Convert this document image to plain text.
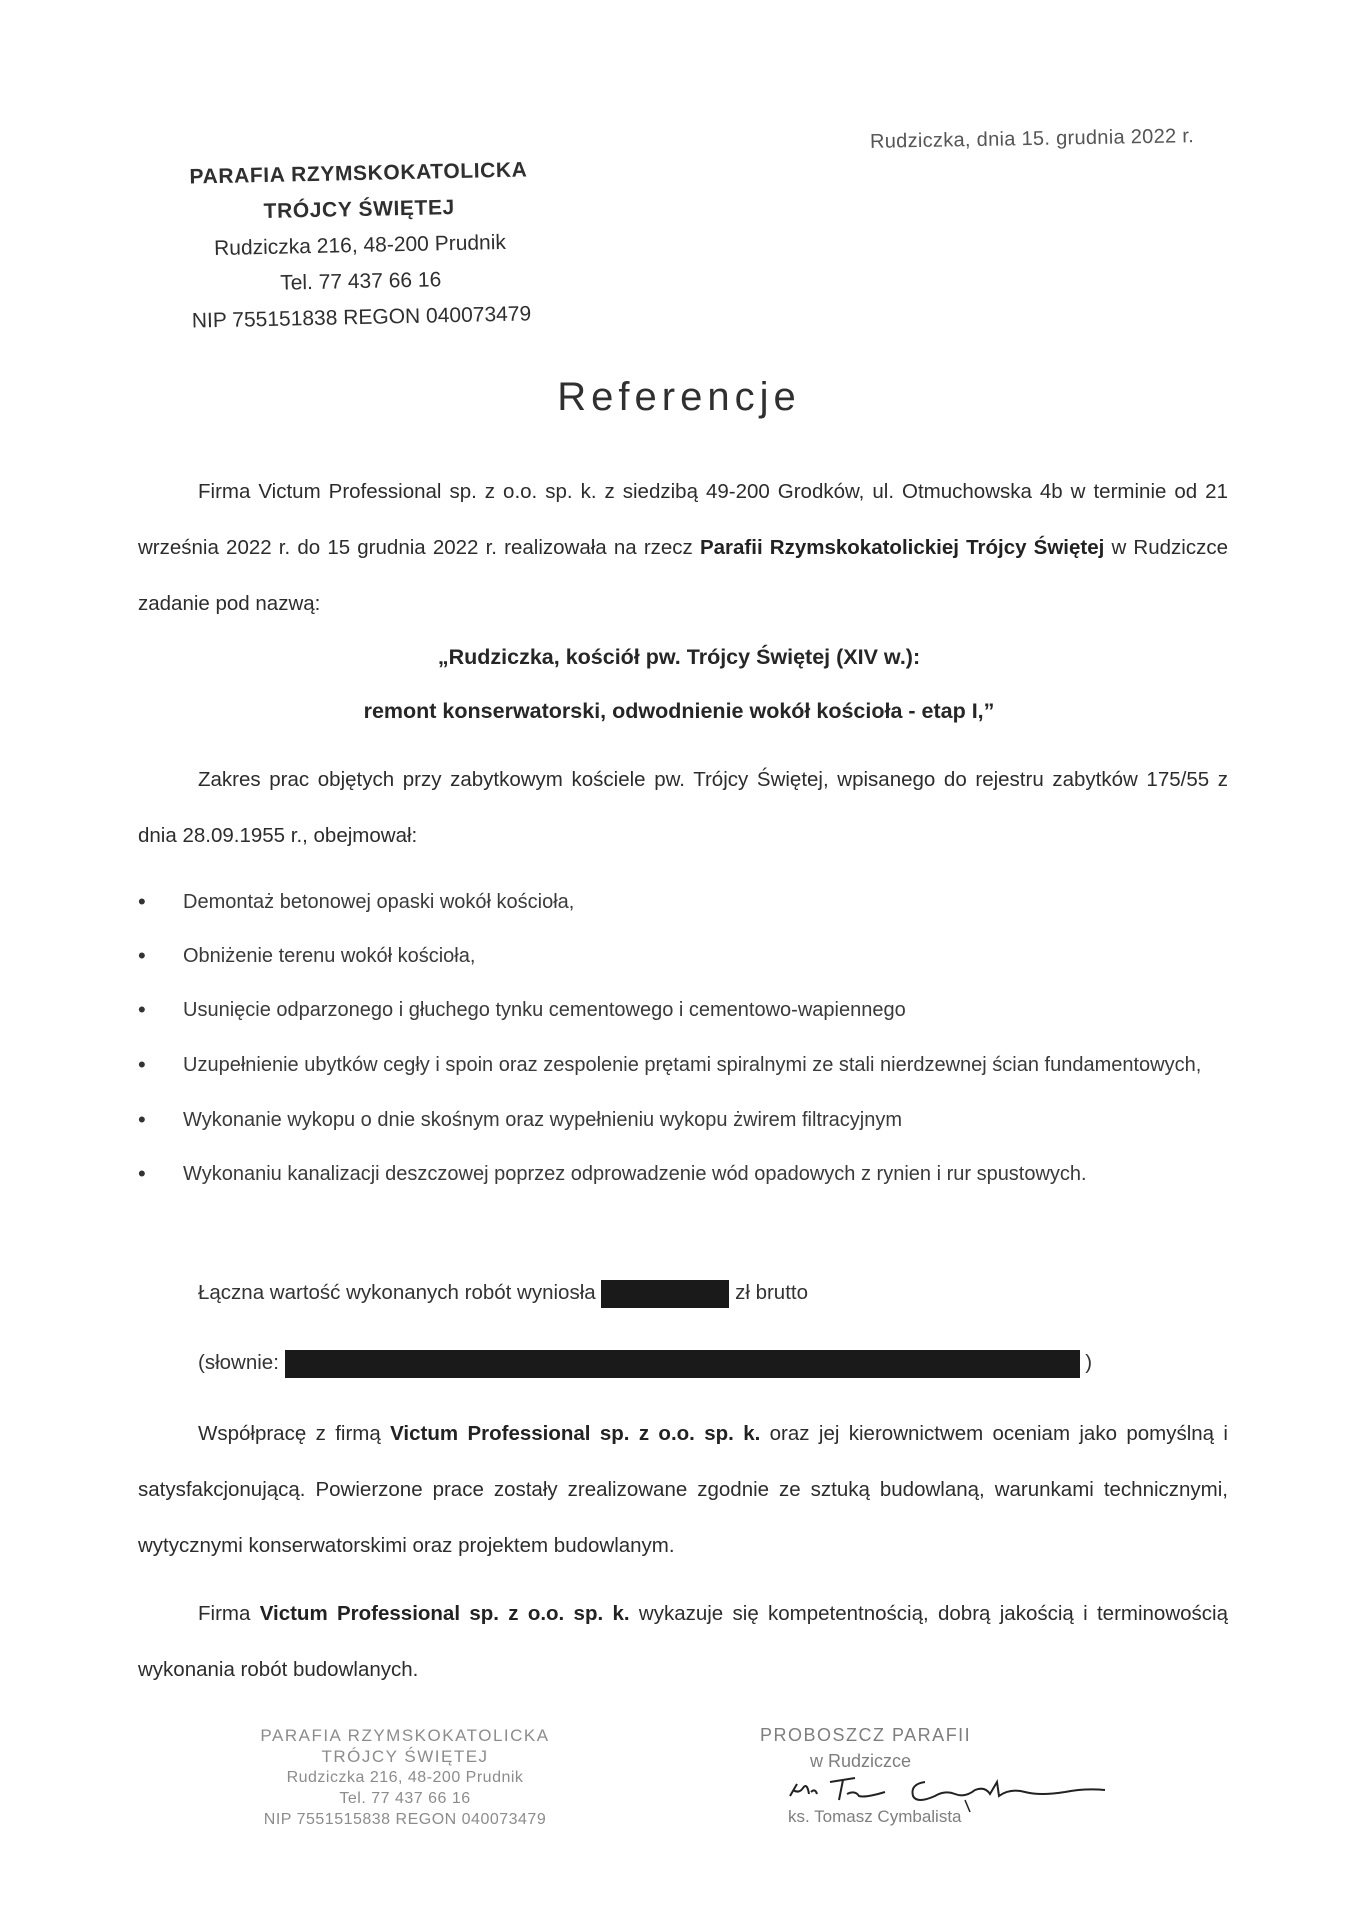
Rudziczka, dnia 15. grudnia 2022 r.
PARAFIA RZYMSKOKATOLICKA
TRÓJCY ŚWIĘTEJ
Rudziczka 216, 48-200 Prudnik
Tel. 77 437 66 16
NIP 755151838 REGON 040073479
Referencje
Firma Victum Professional sp. z o.o. sp. k. z siedzibą 49-200 Grodków, ul. Otmuchowska 4b w terminie od 21 września 2022 r. do 15 grudnia 2022 r. realizowała na rzecz Parafii Rzymskokatolickiej Trójcy Świętej w Rudziczce zadanie pod nazwą:
„Rudziczka, kościół pw. Trójcy Świętej (XIV w.):
remont konserwatorski, odwodnienie wokół kościoła - etap I,”
Zakres prac objętych przy zabytkowym kościele pw. Trójcy Świętej, wpisanego do rejestru zabytków 175/55 z dnia 28.09.1955 r., obejmował:
• Demontaż betonowej opaski wokół kościoła,
• Obniżenie terenu wokół kościoła,
• Usunięcie odparzonego i głuchego tynku cementowego i cementowo-wapiennego
• Uzupełnienie ubytków cegły i spoin oraz zespolenie prętami spiralnymi ze stali nierdzewnej ścian fundamentowych,
• Wykonanie wykopu o dnie skośnym oraz wypełnieniu wykopu żwirem filtracyjnym
• Wykonaniu kanalizacji deszczowej poprzez odprowadzenie wód opadowych z rynien i rur spustowych.
Łączna wartość wykonanych robót wyniosła	zł brutto
(słownie:	)
Współpracę z firmą Victum Professional sp. z o.o. sp. k. oraz jej kierownictwem oceniam jako pomyślną i satysfakcjonującą. Powierzone prace zostały zrealizowane zgodnie ze sztuką budowlaną, warunkami technicznymi, wytycznymi konserwatorskimi oraz projektem budowlanym.
Firma Victum Professional sp. z o.o. sp. k. wykazuje się kompetentnością, dobrą jakością i terminowością wykonania robót budowlanych.
PARAFIA RZYMSKOKATOLICKA
TRÓJCY ŚWIĘTEJ
Rudziczka 216, 48-200 Prudnik
Tel. 77 437 66 16
NIP 7551515838 REGON 040073479
PROBOSZCZ PARAFII
w Rudziczce
ks. Tomasz Cymbalista
